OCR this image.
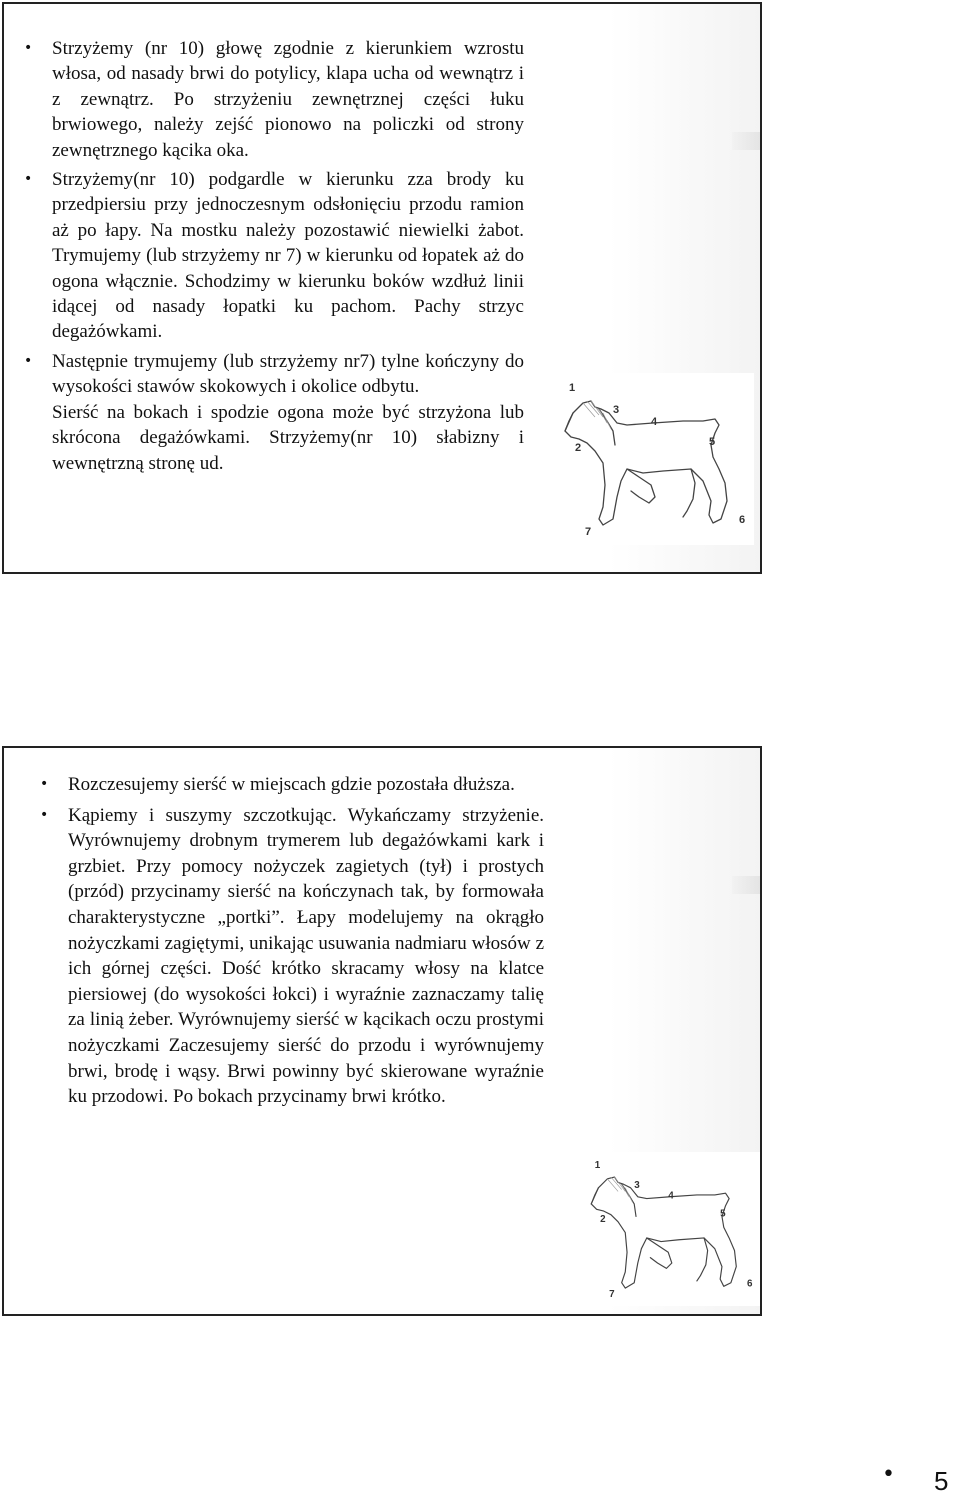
•	Strzyżemy (nr 10) głowę zgodnie z kierunkiem wzrostu włosa, od nasady brwi do potylicy, klapa ucha od wewnątrz i z zewnątrz. Po strzyżeniu zewnętrznej części łuku brwiowego, należy zejść pionowo na policzki od strony zewnętrznego kącika oka.
•	Strzyżemy(nr 10) podgardle w kierunku zza brody ku przedpiersiu przy jednoczesnym odsłonięciu przodu ramion aż po łapy. Na mostku należy pozostawić niewielki żabot. Trymujemy (lub strzyżemy nr 7) w kierunku od łopatek aż do ogona włącznie. Schodzimy w kierunku boków wzdłuż linii idącej od nasady łopatki ku pachom. Pachy strzyc degażówkami.
•	Następnie trymujemy (lub strzyżemy nr7) tylne kończyny do wysokości stawów skokowych i okolice odbytu.
Sierść na bokach i spodzie ogona może być strzyżona lub skrócona degażówkami. Strzyżemy(nr 10) słabizny i wewnętrzną stronę ud.
1
2
3
4
5
6
7
•	Rozczesujemy sierść w miejscach gdzie pozostała dłuższa.
•	Kąpiemy i suszymy szczotkując. Wykańczamy strzyżenie. Wyrównujemy drobnym trymerem lub degażówkami kark i grzbiet. Przy pomocy nożyczek zagietych (tył) i prostych (przód) przycinamy sierść na kończynach tak, by formowała charakterystyczne „portki”. Łapy modelujemy na okrągło nożyczkami zagiętymi, unikając usuwania nadmiaru włosów z ich górnej części. Dość krótko skracamy włosy na klatce piersiowej (do wysokości łokci) i wyraźnie zaznaczamy talię za linią żeber. Wyrównujemy sierść w kącikach oczu prostymi nożyczkami Zaczesujemy sierść do przodu i wyrównujemy brwi, brodę i wąsy. Brwi powinny być skierowane wyraźnie ku przodowi. Po bokach przycinamy brwi krótko.
1
2
3
4
5
6
7
• 5
